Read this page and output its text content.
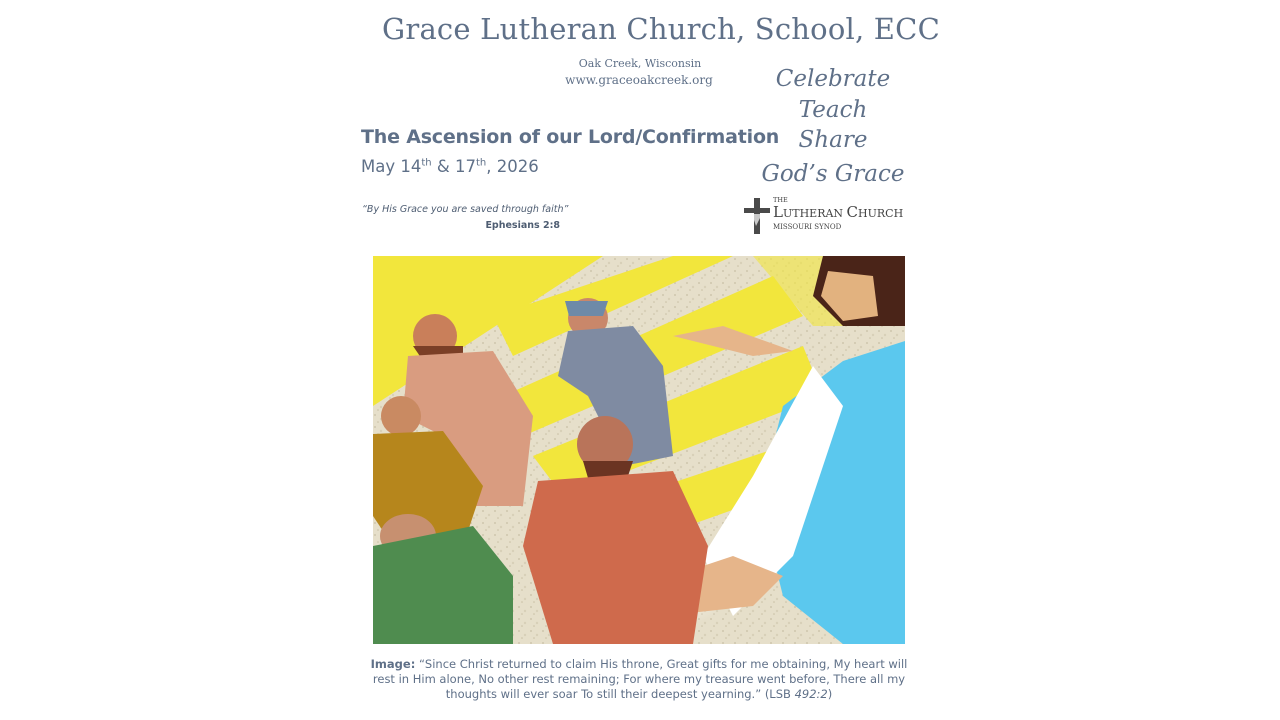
Grace Lutheran Church, School, ECC
Oak Creek, Wisconsin
www.graceoakcreek.org	Celebrate
Teach
Share
God’s Grace
The Ascension of our Lord/Confirmation
May 14th & 17th, 2026
“By His Grace you are saved through faith”
Ephesians 2:8
THE
LUTHERAN CHURCH
MISSOURI SYNOD
Image: “Since Christ returned to claim His throne, Great gifts for me obtaining, My heart will rest in Him alone, No other rest remaining; For where my treasure went before, There all my thoughts will ever soar To still their deepest yearning.” (LSB 492:2)
